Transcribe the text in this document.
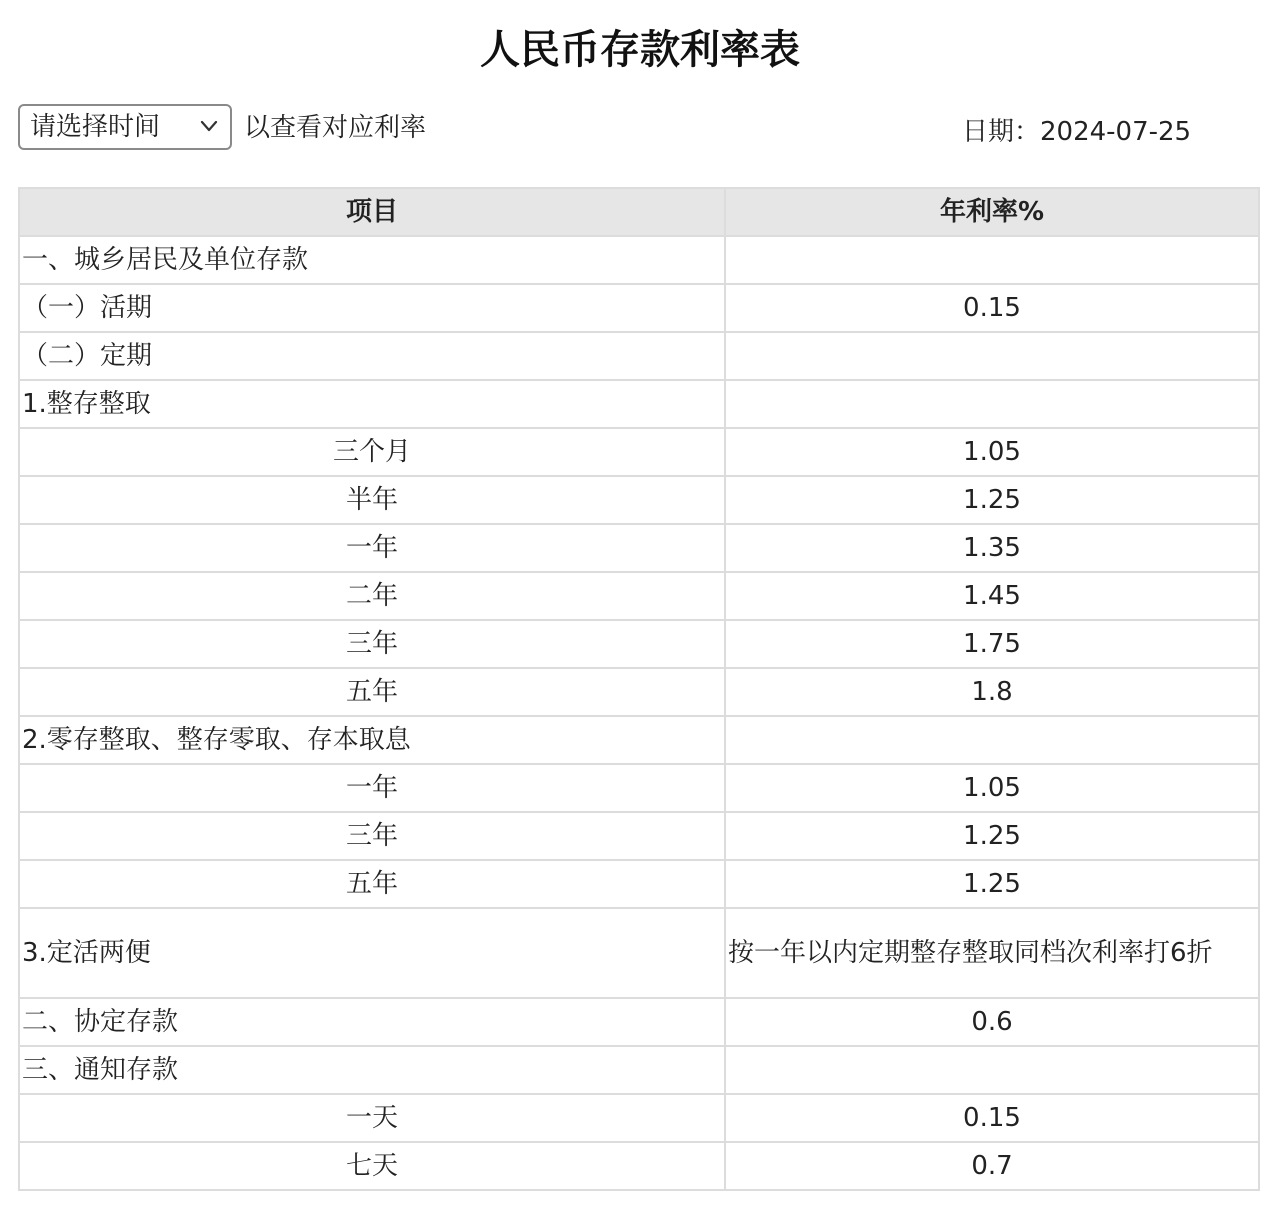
人民币存款利率表
请选择时间	以查看对应利率	日期：2024-07-25
项目	年利率%
一、城乡居民及单位存款	
（一）活期	0.15
（二）定期	
1.整存整取	
三个月	1.05
半年	1.25
一年	1.35
二年	1.45
三年	1.75
五年	1.8
2.零存整取、整存零取、存本取息	
一年	1.05
三年	1.25
五年	1.25
3.定活两便	按一年以内定期整存整取同档次利率打6折
二、协定存款	0.6
三、通知存款	
一天	0.15
七天	0.7
